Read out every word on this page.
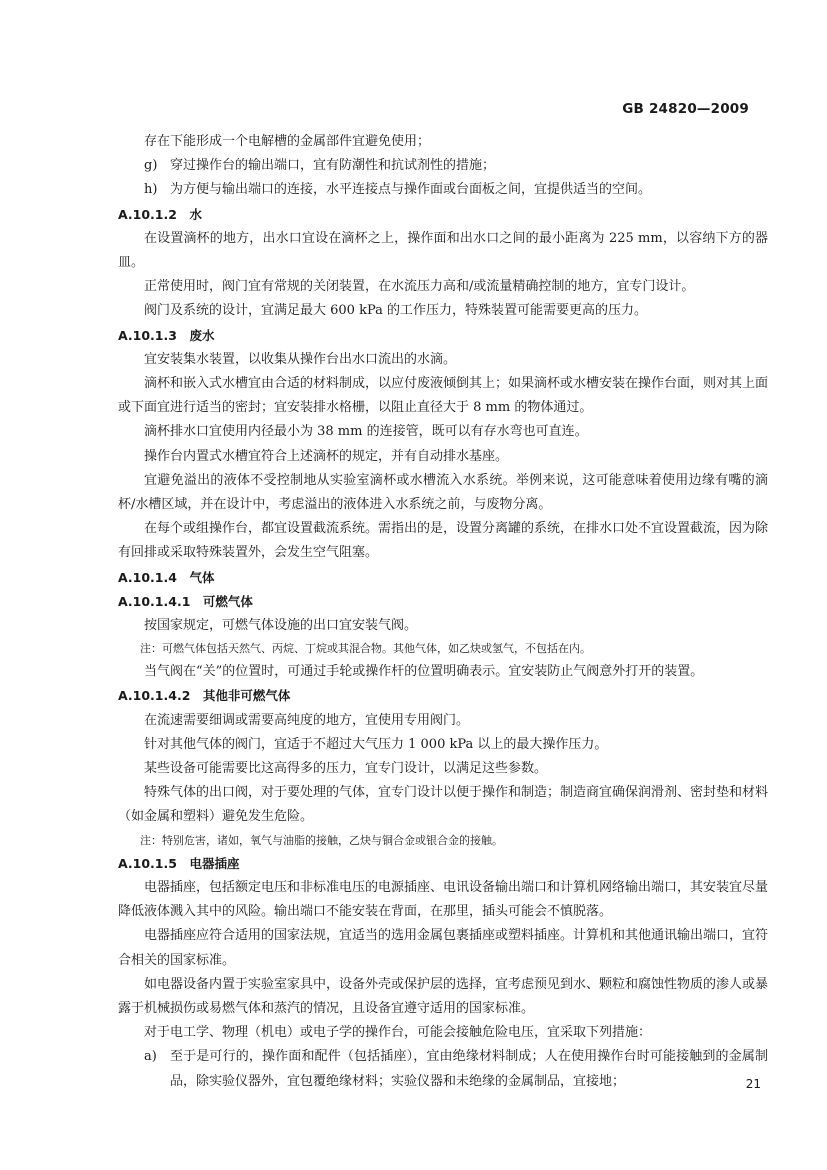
GB 24820—2009

存在下能形成一个电解槽的金属部件宜避免使用；

g) 穿过操作台的输出端口，宜有防潮性和抗试剂性的措施；
h) 为方便与输出端口的连接，水平连接点与操作面或台面板之间，宜提供适当的空间。

A.10.1.2 水

在设置滴杯的地方，出水口宜设在滴杯之上，操作面和出水口之间的最小距离为 225 mm，以容纳下方的器皿。

正常使用时，阀门宜有常规的关闭装置，在水流压力高和/或流量精确控制的地方，宜专门设计。

阀门及系统的设计，宜满足最大 600 kPa 的工作压力，特殊装置可能需要更高的压力。

A.10.1.3 废水

宜安装集水装置，以收集从操作台出水口流出的水滴。

滴杯和嵌入式水槽宜由合适的材料制成，以应付废液倾倒其上；如果滴杯或水槽安装在操作台面，则对其上面或下面宜进行适当的密封；宜安装排水格栅，以阻止直径大于 8 mm 的物体通过。

滴杯排水口宜使用内径最小为 38 mm 的连接管，既可以有存水弯也可直连。

操作台内置式水槽宜符合上述滴杯的规定，并有自动排水基座。

宜避免溢出的液体不受控制地从实验室滴杯或水槽流入水系统。举例来说，这可能意味着使用边缘有嘴的滴杯/水槽区域，并在设计中，考虑溢出的液体进入水系统之前，与废物分离。

在每个或组操作台，都宜设置截流系统。需指出的是，设置分离罐的系统，在排水口处不宜设置截流，因为除有回排或采取特殊装置外，会发生空气阻塞。

A.10.1.4 气体

A.10.1.4.1 可燃气体

按国家规定，可燃气体设施的出口宜安装气阀。

注：可燃气体包括天然气、丙烷、丁烷或其混合物。其他气体，如乙炔或氢气，不包括在内。

当气阀在“关”的位置时，可通过手轮或操作杆的位置明确表示。宜安装防止气阀意外打开的装置。

A.10.1.4.2 其他非可燃气体

在流速需要细调或需要高纯度的地方，宜使用专用阀门。

针对其他气体的阀门，宜适于不超过大气压力 1 000 kPa 以上的最大操作压力。

某些设备可能需要比这高得多的压力，宜专门设计，以满足这些参数。

特殊气体的出口阀，对于要处理的气体，宜专门设计以便于操作和制造；制造商宜确保润滑剂、密封垫和材料（如金属和塑料）避免发生危险。

注：特别危害，诸如，氧气与油脂的接触，乙炔与铜合金或银合金的接触。

A.10.1.5 电器插座

电器插座，包括额定电压和非标准电压的电源插座、电讯设备输出端口和计算机网络输出端口，其安装宜尽量降低液体溅入其中的风险。输出端口不能安装在背面，在那里，插头可能会不慎脱落。

电器插座应符合适用的国家法规，宜适当的选用金属包裹插座或塑料插座。计算机和其他通讯输出端口，宜符合相关的国家标准。

如电器设备内置于实验室家具中，设备外壳或保护层的选择，宜考虑预见到水、颗粒和腐蚀性物质的渗人或暴露于机械损伤或易燃气体和蒸汽的情况，且设备宜遵守适用的国家标准。

对于电工学、物理（机电）或电子学的操作台，可能会接触危险电压，宜采取下列措施：

a)	至于是可行的，操作面和配件（包括插座），宜由绝缘材料制成；人在使用操作台时可能接触到的金属制品，除实验仪器外，宜包覆绝缘材料；实验仪器和未绝缘的金属制品，宜接地；	21
